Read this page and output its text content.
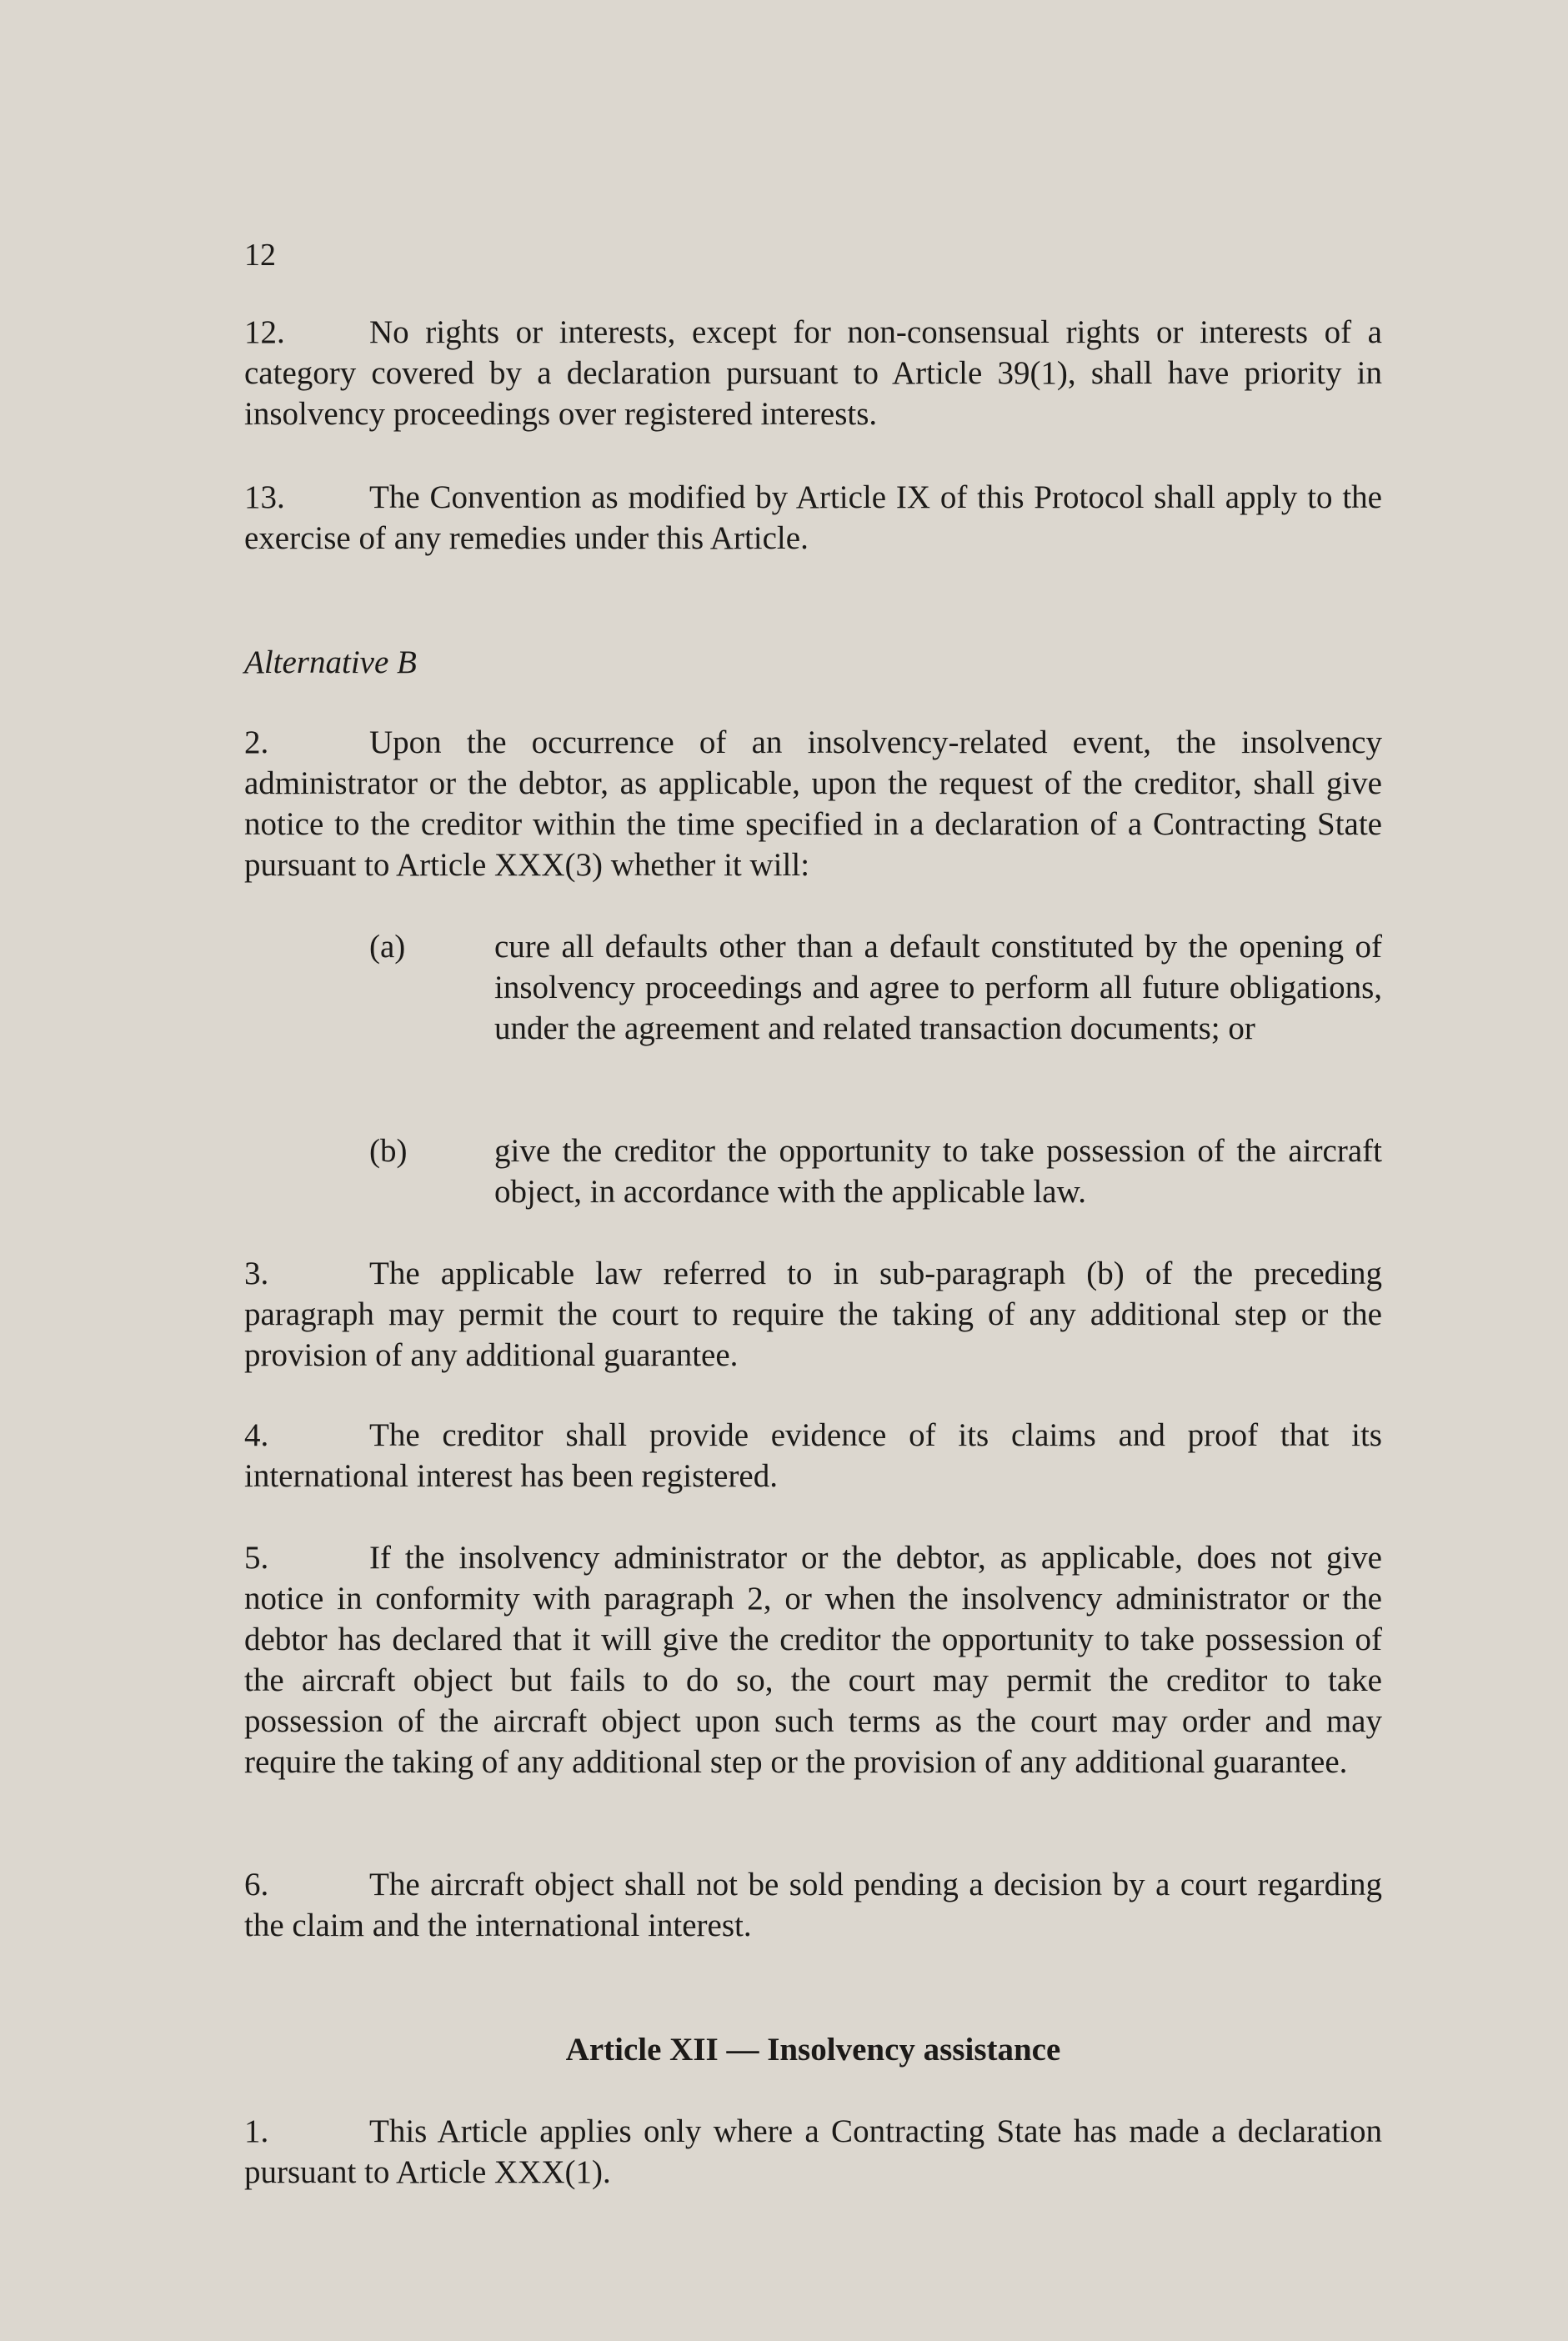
12
12.	No rights or interests, except for non-consensual rights or interests of a category covered by a declaration pursuant to Article 39(1), shall have priority in insolvency proceedings over registered interests.
13.	The Convention as modified by Article IX of this Protocol shall apply to the exercise of any remedies under this Article.
Alternative B
2.	Upon the occurrence of an insolvency-related event, the insolvency administrator or the debtor, as applicable, upon the request of the creditor, shall give notice to the creditor within the time specified in a declaration of a Contracting State pursuant to Article XXX(3) whether it will:
(a)	cure all defaults other than a default constituted by the opening of insolvency proceedings and agree to perform all future obligations, under the agreement and related transaction documents; or
(b)	give the creditor the opportunity to take possession of the aircraft object, in accordance with the applicable law.
3.	The applicable law referred to in sub-paragraph (b) of the preceding paragraph may permit the court to require the taking of any additional step or the provision of any additional guarantee.
4.	The creditor shall provide evidence of its claims and proof that its international interest has been registered.
5.	If the insolvency administrator or the debtor, as applicable, does not give notice in conformity with paragraph 2, or when the insolvency administrator or the debtor has declared that it will give the creditor the opportunity to take possession of the aircraft object but fails to do so, the court may permit the creditor to take possession of the aircraft object upon such terms as the court may order and may require the taking of any additional step or the provision of any additional guarantee.
6.	The aircraft object shall not be sold pending a decision by a court regarding the claim and the international interest.
Article XII — Insolvency assistance
1.	This Article applies only where a Contracting State has made a declaration pursuant to Article XXX(1).
